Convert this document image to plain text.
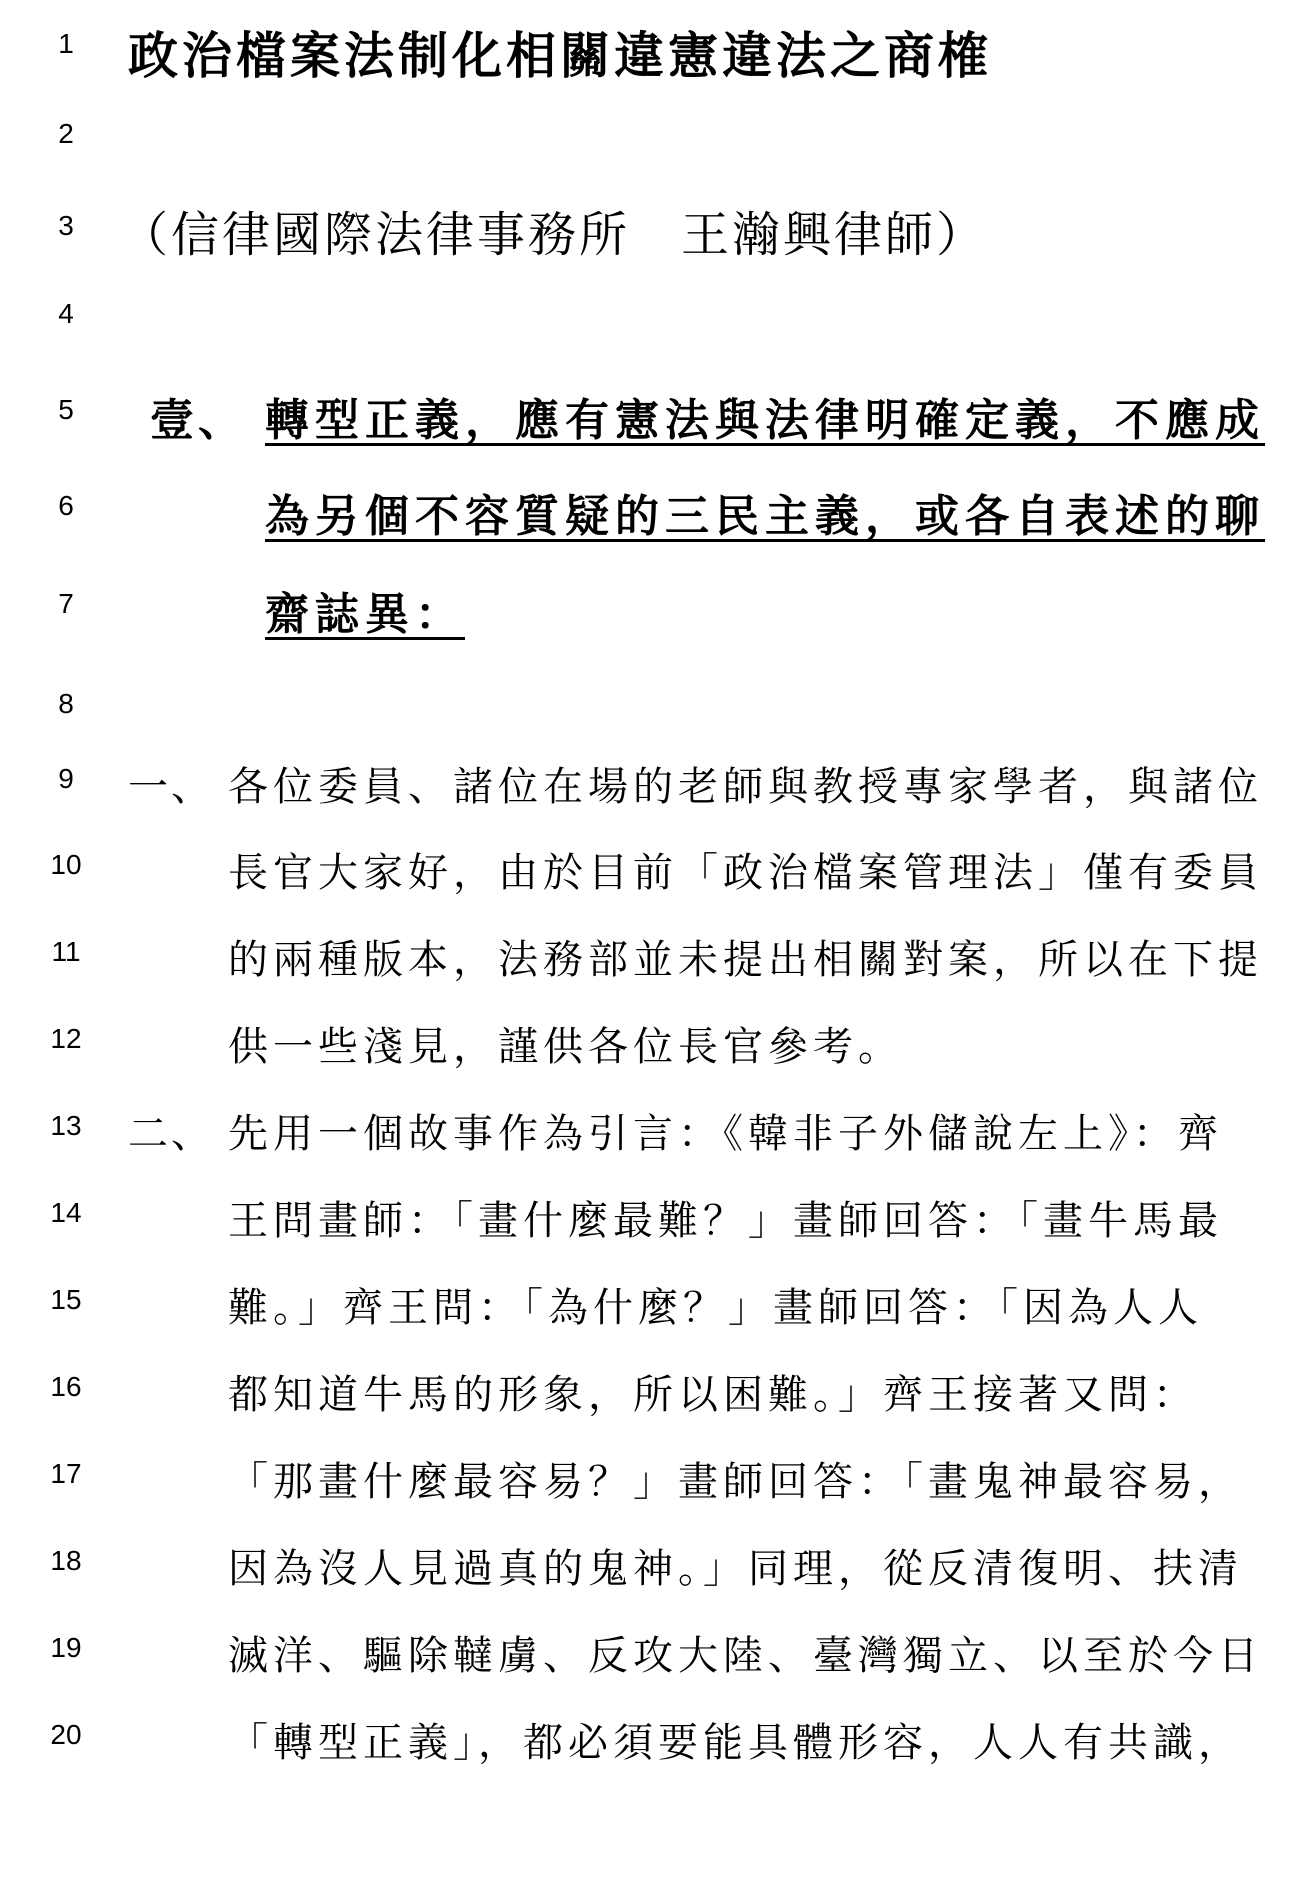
1	政治檔案法制化相關違憲違法之商榷
2
3 （信律國際法律事務所　王瀚興律師）
4
5	壹、 轉型正義，應有憲法與法律明確定義，不應成
6	為另個不容質疑的三民主義，或各自表述的聊
7	齋誌異：
8
9	一、 各位委員、諸位在場的老師與教授專家學者，與諸位
10	長官大家好，由於目前「政治檔案管理法」僅有委員
11	的兩種版本，法務部並未提出相關對案，所以在下提
12	供一些淺見，謹供各位長官參考。
13	二、 先用一個故事作為引言：《韓非子外儲說左上》：齊
14	王問畫師：「畫什麼最難？」畫師回答：「畫牛馬最
15	難。」齊王問：「為什麼？」畫師回答：「因為人人
16	都知道牛馬的形象，所以困難。」齊王接著又問：
17	「那畫什麼最容易？」畫師回答：「畫鬼神最容易，
18	因為沒人見過真的鬼神。」同理，從反清復明、扶清
19	滅洋、驅除韃虜、反攻大陸、臺灣獨立、以至於今日
20	「轉型正義」，都必須要能具體形容，人人有共識，
